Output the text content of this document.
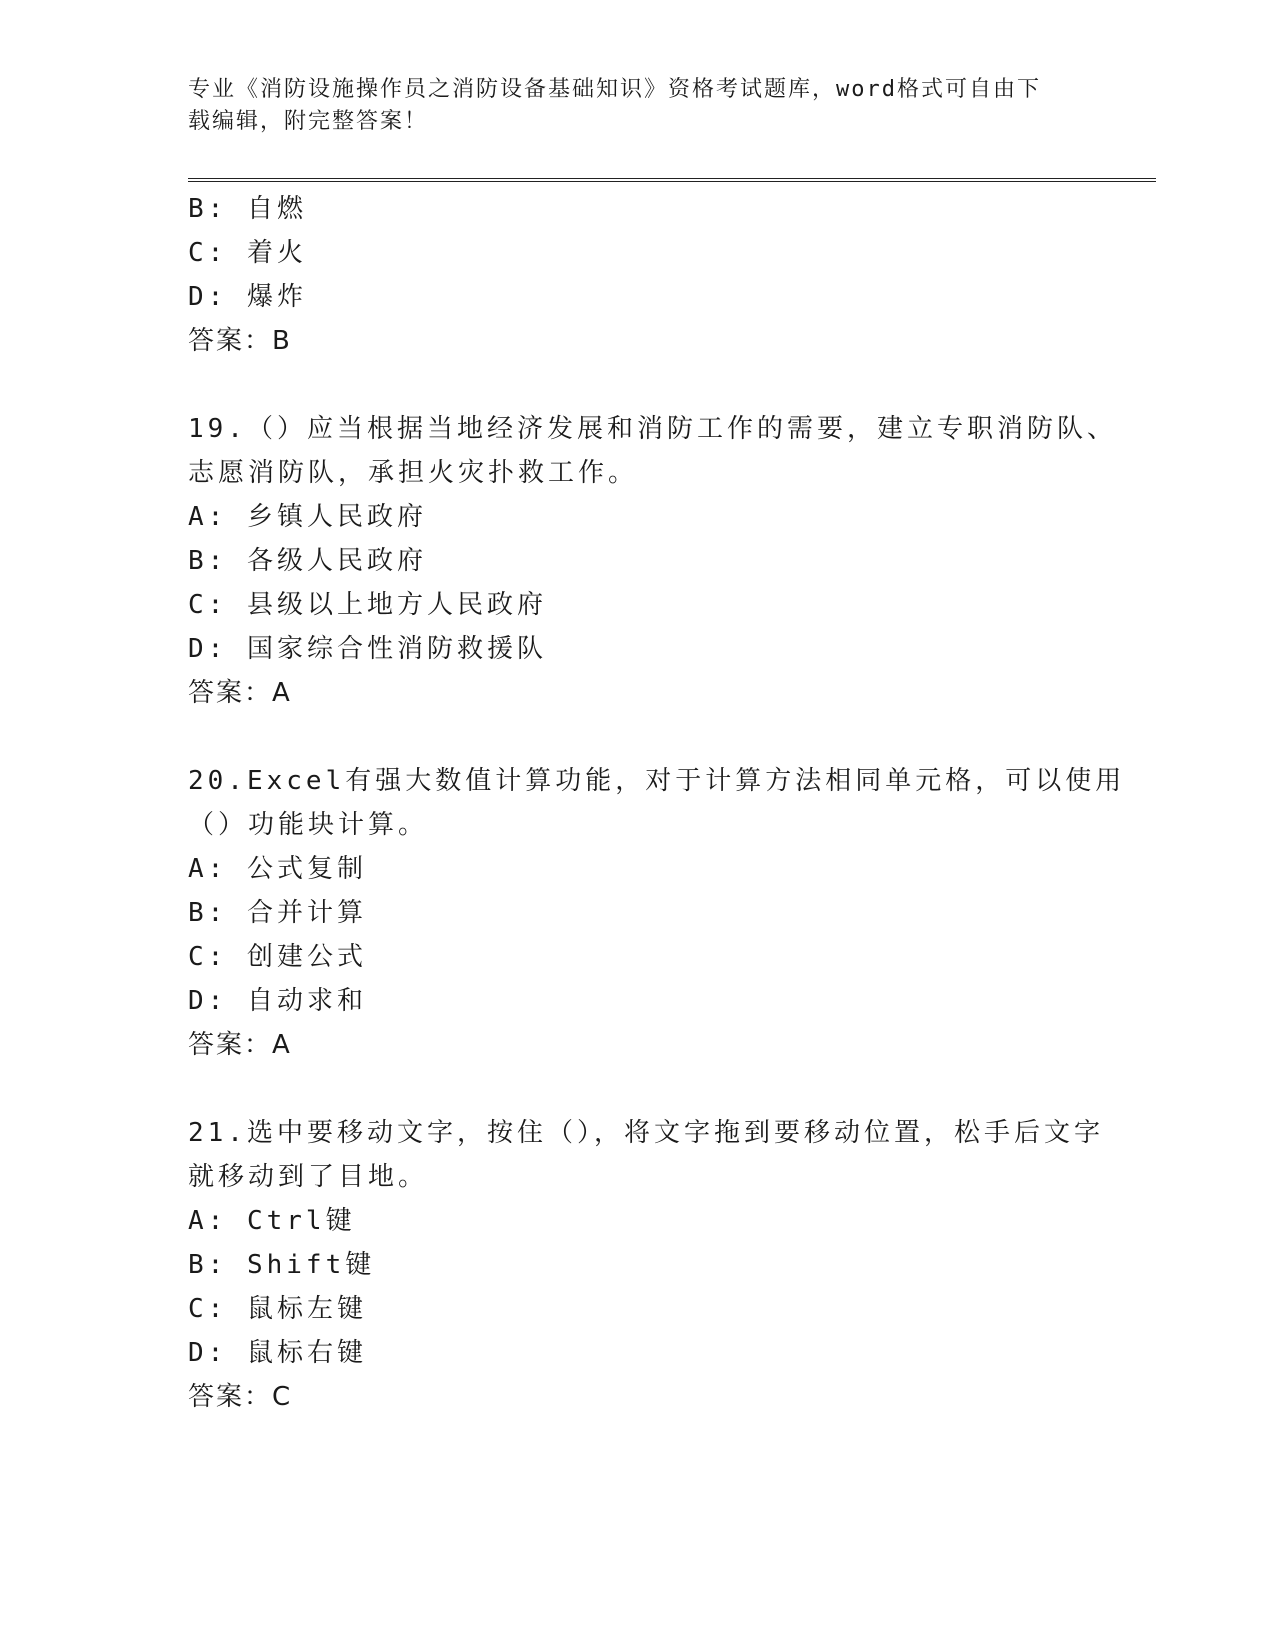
专业《消防设施操作员之消防设备基础知识》资格考试题库，word格式可自由下
载编辑，附完整答案！
B: 自燃
C: 着火
D: 爆炸
答案：B
19.（）应当根据当地经济发展和消防工作的需要，建立专职消防队、
志愿消防队，承担火灾扑救工作。
A: 乡镇人民政府
B: 各级人民政府
C: 县级以上地方人民政府
D: 国家综合性消防救援队
答案：A
20.Excel有强大数值计算功能，对于计算方法相同单元格，可以使用
（）功能块计算。
A: 公式复制
B: 合并计算
C: 创建公式
D: 自动求和
答案：A
21.选中要移动文字，按住（），将文字拖到要移动位置，松手后文字
就移动到了目地。
A: Ctrl键
B: Shift键
C: 鼠标左键
D: 鼠标右键
答案：C
